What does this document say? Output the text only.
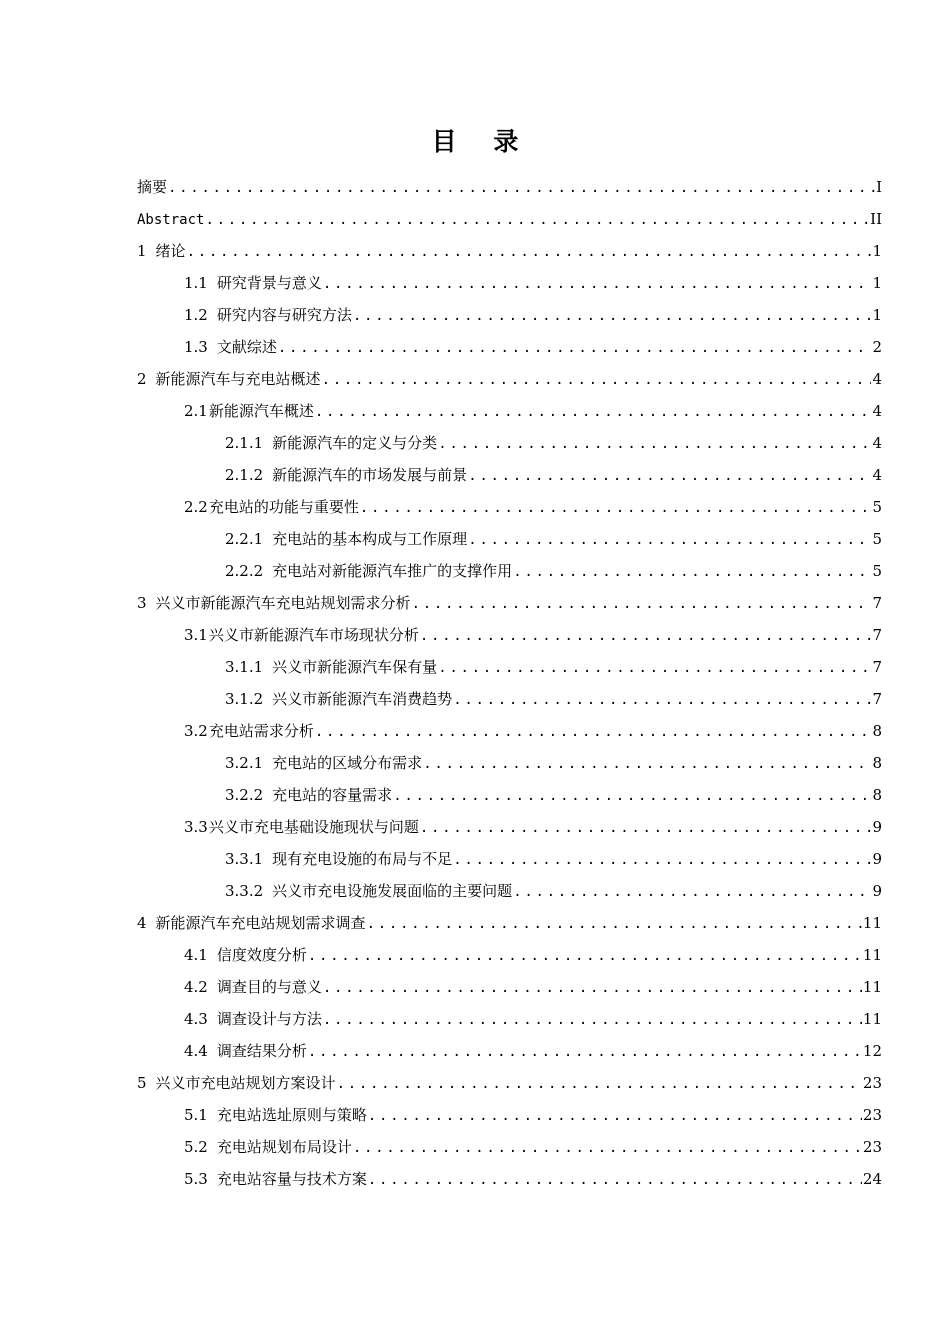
目 录
摘要 .....	I
Abstract .....	II
1 绪论 .....	1
1.1 研究背景与意义 .....	1
1.2 研究内容与研究方法 .....	1
1.3 文献综述 .....	2
2 新能源汽车与充电站概述 .....	4
2.1 新能源汽车概述 .....	4
2.1.1 新能源汽车的定义与分类 .....	4
2.1.2 新能源汽车的市场发展与前景 .....	4
2.2 充电站的功能与重要性 .....	5
2.2.1 充电站的基本构成与工作原理 .....	5
2.2.2 充电站对新能源汽车推广的支撑作用 .....	5
3 兴义市新能源汽车充电站规划需求分析 .....	7
3.1 兴义市新能源汽车市场现状分析 .....	7
3.1.1 兴义市新能源汽车保有量 .....	7
3.1.2 兴义市新能源汽车消费趋势 .....	7
3.2 充电站需求分析 .....	8
3.2.1 充电站的区域分布需求 .....	8
3.2.2 充电站的容量需求 .....	8
3.3 兴义市充电基础设施现状与问题 .....	9
3.3.1 现有充电设施的布局与不足 .....	9
3.3.2 兴义市充电设施发展面临的主要问题 .....	9
4 新能源汽车充电站规划需求调查 .....	11
4.1 信度效度分析 .....	11
4.2 调查目的与意义 .....	11
4.3 调查设计与方法 .....	11
4.4 调查结果分析 .....	12
5 兴义市充电站规划方案设计 .....	23
5.1 充电站选址原则与策略 .....	23
5.2 充电站规划布局设计 .....	23
5.3 充电站容量与技术方案 .....	24
